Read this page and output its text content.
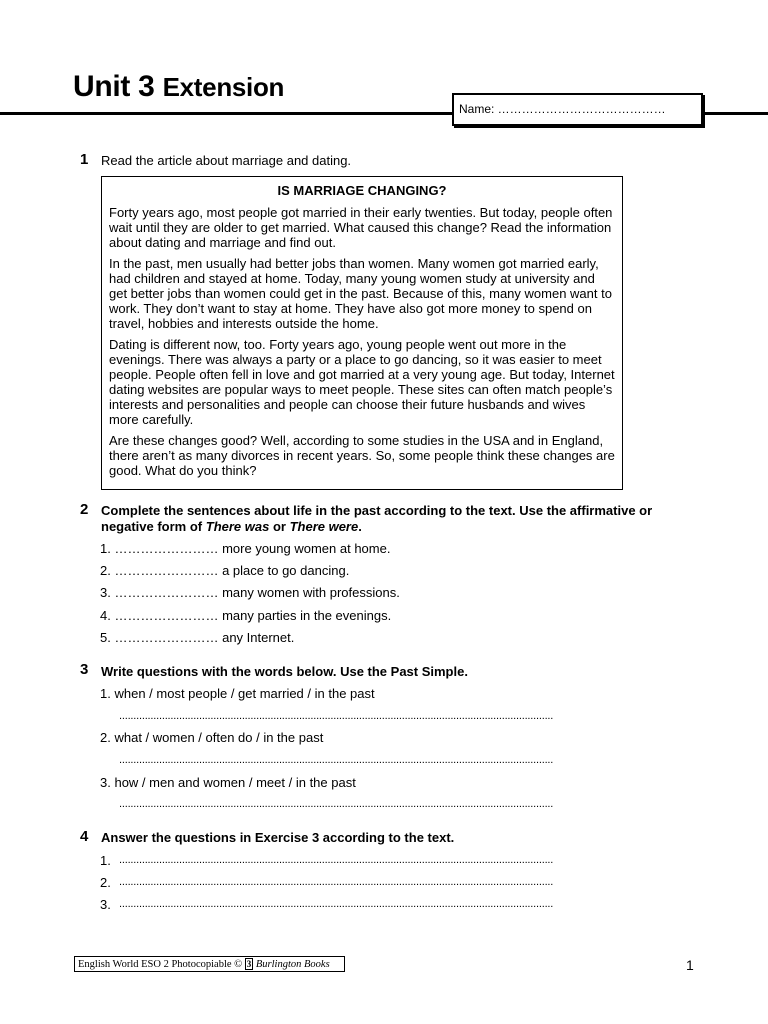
Unit 3 Extension
Name: ……………………………………
1 Read the article about marriage and dating.
IS MARRIAGE CHANGING?

Forty years ago, most people got married in their early twenties. But today, people often wait until they are older to get married. What caused this change? Read the information about dating and marriage and find out.

In the past, men usually had better jobs than women. Many women got married early, had children and stayed at home. Today, many young women study at university and get better jobs than women could get in the past. Because of this, many women want to work. They don’t want to stay at home. They have also got more money to spend on travel, hobbies and interests outside the home.

Dating is different now, too. Forty years ago, young people went out more in the evenings. There was always a party or a place to go dancing, so it was easier to meet people. People often fell in love and got married at a very young age. But today, Internet dating websites are popular ways to meet people. These sites can often match people’s interests and personalities and people can choose their future husbands and wives more carefully.

Are these changes good? Well, according to some studies in the USA and in England, there aren’t as many divorces in recent years. So, some people think these changes are good. What do you think?

2 Complete the sentences about life in the past according to the text. Use the affirmative or negative form of There was or There were.
1. …………………… more young women at home.
2. …………………… a place to go dancing.
3. …………………… many women with professions.
4. …………………… many parties in the evenings.
5. …………………… any Internet.
3 Write questions with the words below. Use the Past Simple.
1. when / most people / get married / in the past
........................................................................................................................................................
2. what / women / often do / in the past
........................................................................................................................................................
3. how / men and women / meet / in the past
........................................................................................................................................................
4 Answer the questions in Exercise 3 according to the text.
1. ........................................................................................................................................................
2. ........................................................................................................................................................
3. ........................................................................................................................................................
English World ESO 2 Photocopiable © 3 Burlington Books	1
